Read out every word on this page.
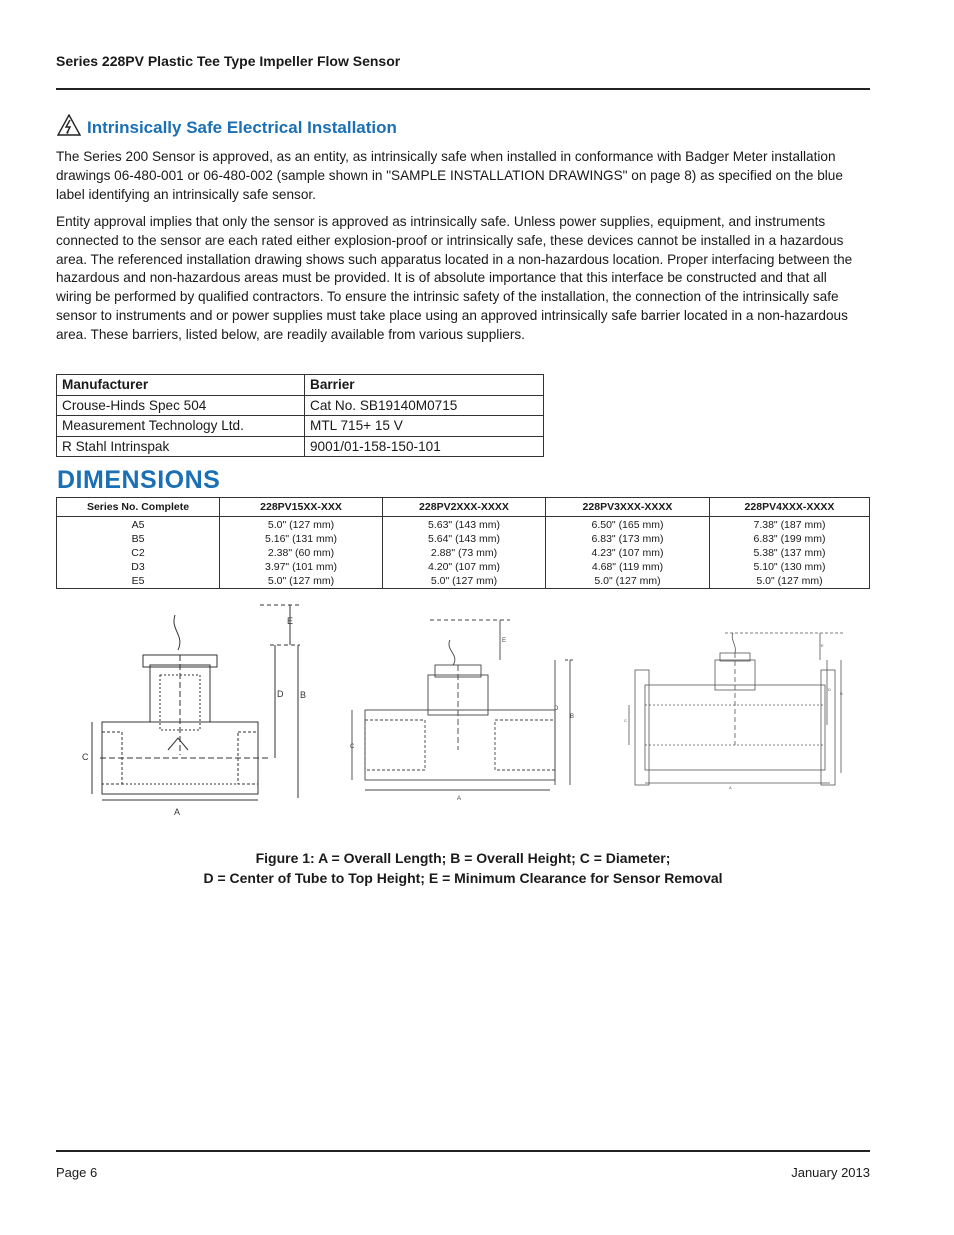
Series 228PV Plastic Tee Type Impeller Flow Sensor
Intrinsically Safe Electrical Installation

The Series 200 Sensor is approved, as an entity, as intrinsically safe when installed in conformance with Badger Meter installation drawings 06-480-001 or 06-480-002 (sample shown in "SAMPLE INSTALLATION DRAWINGS" on page 8) as specified on the blue label identifying an intrinsically safe sensor.

Entity approval implies that only the sensor is approved as intrinsically safe. Unless power supplies, equipment, and instruments connected to the sensor are each rated either explosion-proof or intrinsically safe, these devices cannot be installed in a hazardous area. The referenced installation drawing shows such apparatus located in a non-hazardous location. Proper interfacing between the hazardous and non-hazardous areas must be provided. It is of absolute importance that this interface be constructed and that all wiring be performed by qualified contractors. To ensure the intrinsic safety of the installation, the connection of the intrinsically safe sensor to instruments and or power supplies must take place using an approved intrinsically safe barrier located in a non-hazardous area. These barriers, listed below, are readily available from various suppliers.

Manufacturer	Barrier
Crouse-Hinds Spec 504	Cat No. SB19140M0715
Measurement Technology Ltd.	MTL 715+ 15 V
R Stahl Intrinspak	9001/01-158-150-101
DIMENSIONS
Series No. Complete	228PV15XX-XXX	228PV2XXX-XXXX	228PV3XXX-XXXX	228PV4XXX-XXXX
A5	5.0" (127 mm)	5.63" (143 mm)	6.50" (165 mm)	7.38" (187 mm)
B5	5.16" (131 mm)	5.64" (143 mm)	6.83" (173 mm)	6.83" (199 mm)
C2	2.38" (60 mm)	2.88" (73 mm)	4.23" (107 mm)	5.38" (137 mm)
D3	3.97" (101 mm)	4.20" (107 mm)	4.68" (119 mm)	5.10" (130 mm)
E5	5.0" (127 mm)	5.0" (127 mm)	5.0" (127 mm)	5.0" (127 mm)
A
B
C
D
E
A
B
C
D
E
A
B
C
D
E
Figure 1: A = Overall Length; B = Overall Height; C = Diameter;
D = Center of Tube to Top Height; E = Minimum Clearance for Sensor Removal
Page 6	January 2013
